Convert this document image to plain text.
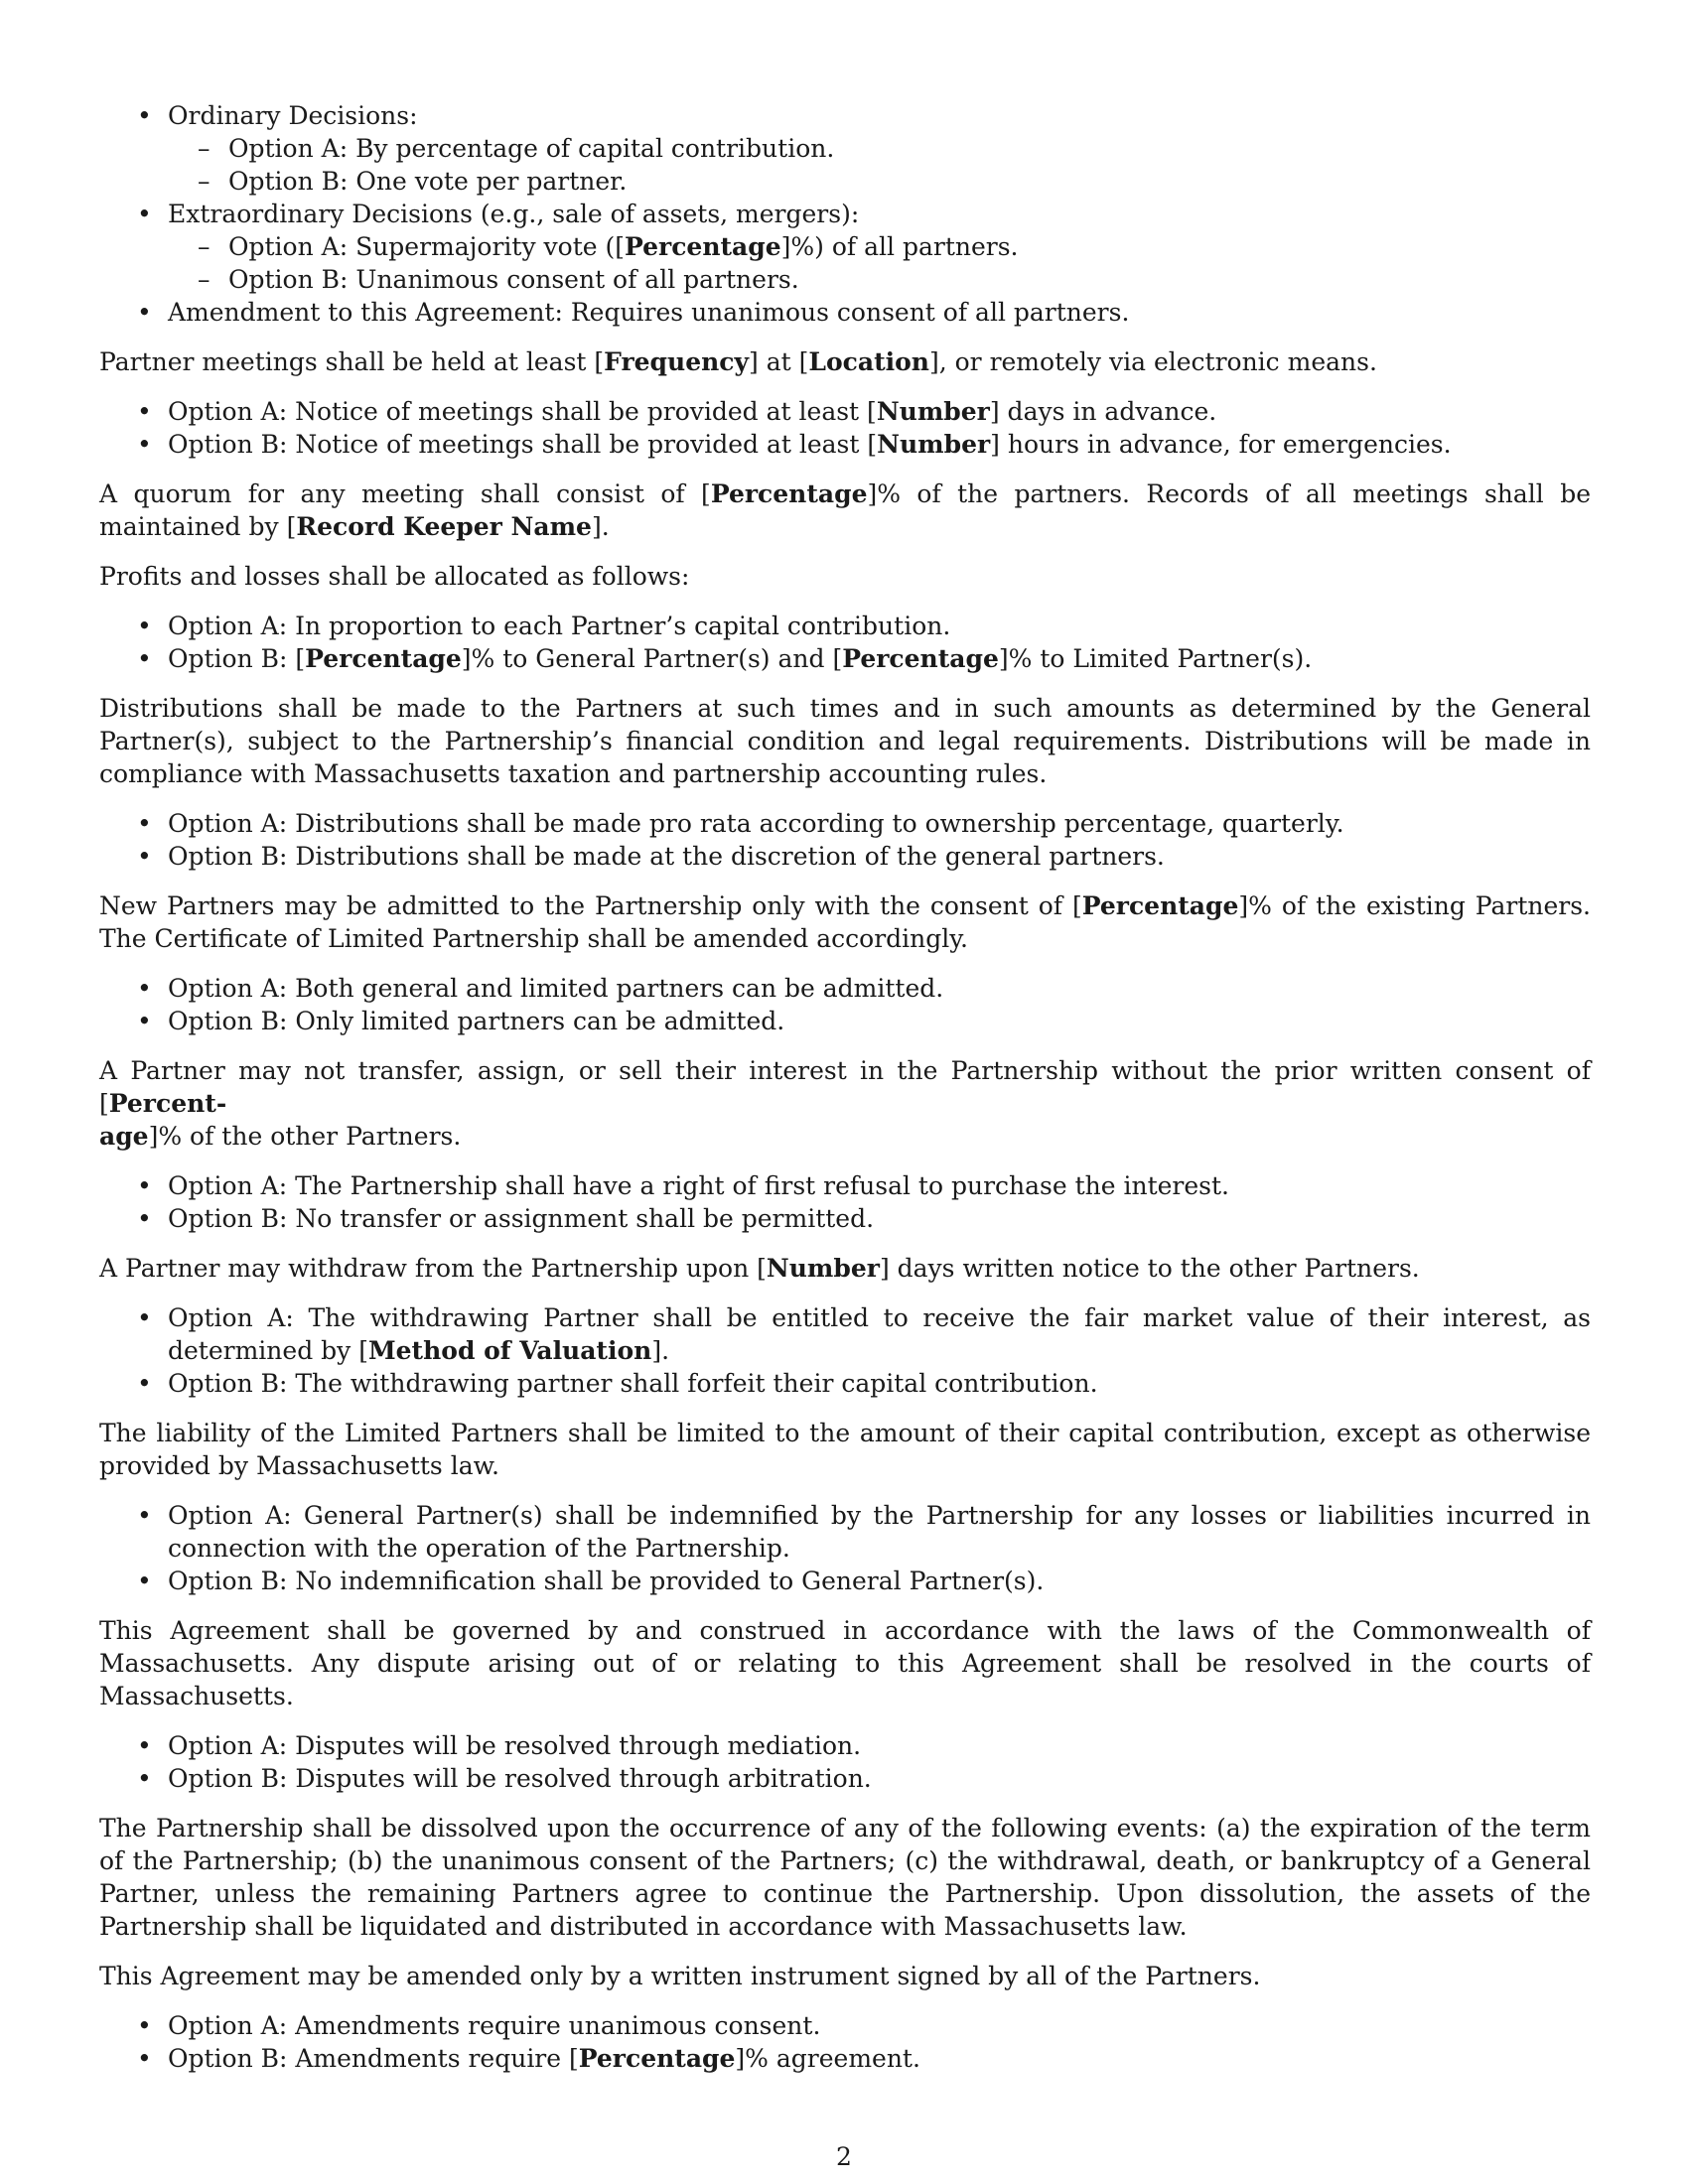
• Ordinary Decisions:
– Option A: By percentage of capital contribution.
– Option B: One vote per partner.
• Extraordinary Decisions (e.g., sale of assets, mergers):
– Option A: Supermajority vote ([Percentage]%) of all partners.
– Option B: Unanimous consent of all partners.
• Amendment to this Agreement: Requires unanimous consent of all partners.

Partner meetings shall be held at least [Frequency] at [Location], or remotely via electronic means.

• Option A: Notice of meetings shall be provided at least [Number] days in advance.
• Option B: Notice of meetings shall be provided at least [Number] hours in advance, for emergencies.

A quorum for any meeting shall consist of [Percentage]% of the partners. Records of all meetings shall be maintained by [Record Keeper Name].

Profits and losses shall be allocated as follows:

• Option A: In proportion to each Partner’s capital contribution.
• Option B: [Percentage]% to General Partner(s) and [Percentage]% to Limited Partner(s).

Distributions shall be made to the Partners at such times and in such amounts as determined by the General Partner(s), subject to the Partnership’s financial condition and legal requirements. Distributions will be made in compliance with Massachusetts taxation and partnership accounting rules.

• Option A: Distributions shall be made pro rata according to ownership percentage, quarterly.
• Option B: Distributions shall be made at the discretion of the general partners.

New Partners may be admitted to the Partnership only with the consent of [Percentage]% of the existing Partners. The Certificate of Limited Partnership shall be amended accordingly.

• Option A: Both general and limited partners can be admitted.
• Option B: Only limited partners can be admitted.

A Partner may not transfer, assign, or sell their interest in the Partnership without the prior written consent of [Percent-
age]% of the other Partners.

• Option A: The Partnership shall have a right of first refusal to purchase the interest.
• Option B: No transfer or assignment shall be permitted.

A Partner may withdraw from the Partnership upon [Number] days written notice to the other Partners.

• Option A: The withdrawing Partner shall be entitled to receive the fair market value of their interest, as determined by [Method of Valuation].
• Option B: The withdrawing partner shall forfeit their capital contribution.

The liability of the Limited Partners shall be limited to the amount of their capital contribution, except as otherwise provided by Massachusetts law.

• Option A: General Partner(s) shall be indemnified by the Partnership for any losses or liabilities incurred in connection with the operation of the Partnership.
• Option B: No indemnification shall be provided to General Partner(s).

This Agreement shall be governed by and construed in accordance with the laws of the Commonwealth of Massachusetts. Any dispute arising out of or relating to this Agreement shall be resolved in the courts of Massachusetts.

• Option A: Disputes will be resolved through mediation.
• Option B: Disputes will be resolved through arbitration.

The Partnership shall be dissolved upon the occurrence of any of the following events: (a) the expiration of the term of the Partnership; (b) the unanimous consent of the Partners; (c) the withdrawal, death, or bankruptcy of a General Partner, unless the remaining Partners agree to continue the Partnership. Upon dissolution, the assets of the Partnership shall be liquidated and distributed in accordance with Massachusetts law.

This Agreement may be amended only by a written instrument signed by all of the Partners.

• Option A: Amendments require unanimous consent.
• Option B: Amendments require [Percentage]% agreement.
2
